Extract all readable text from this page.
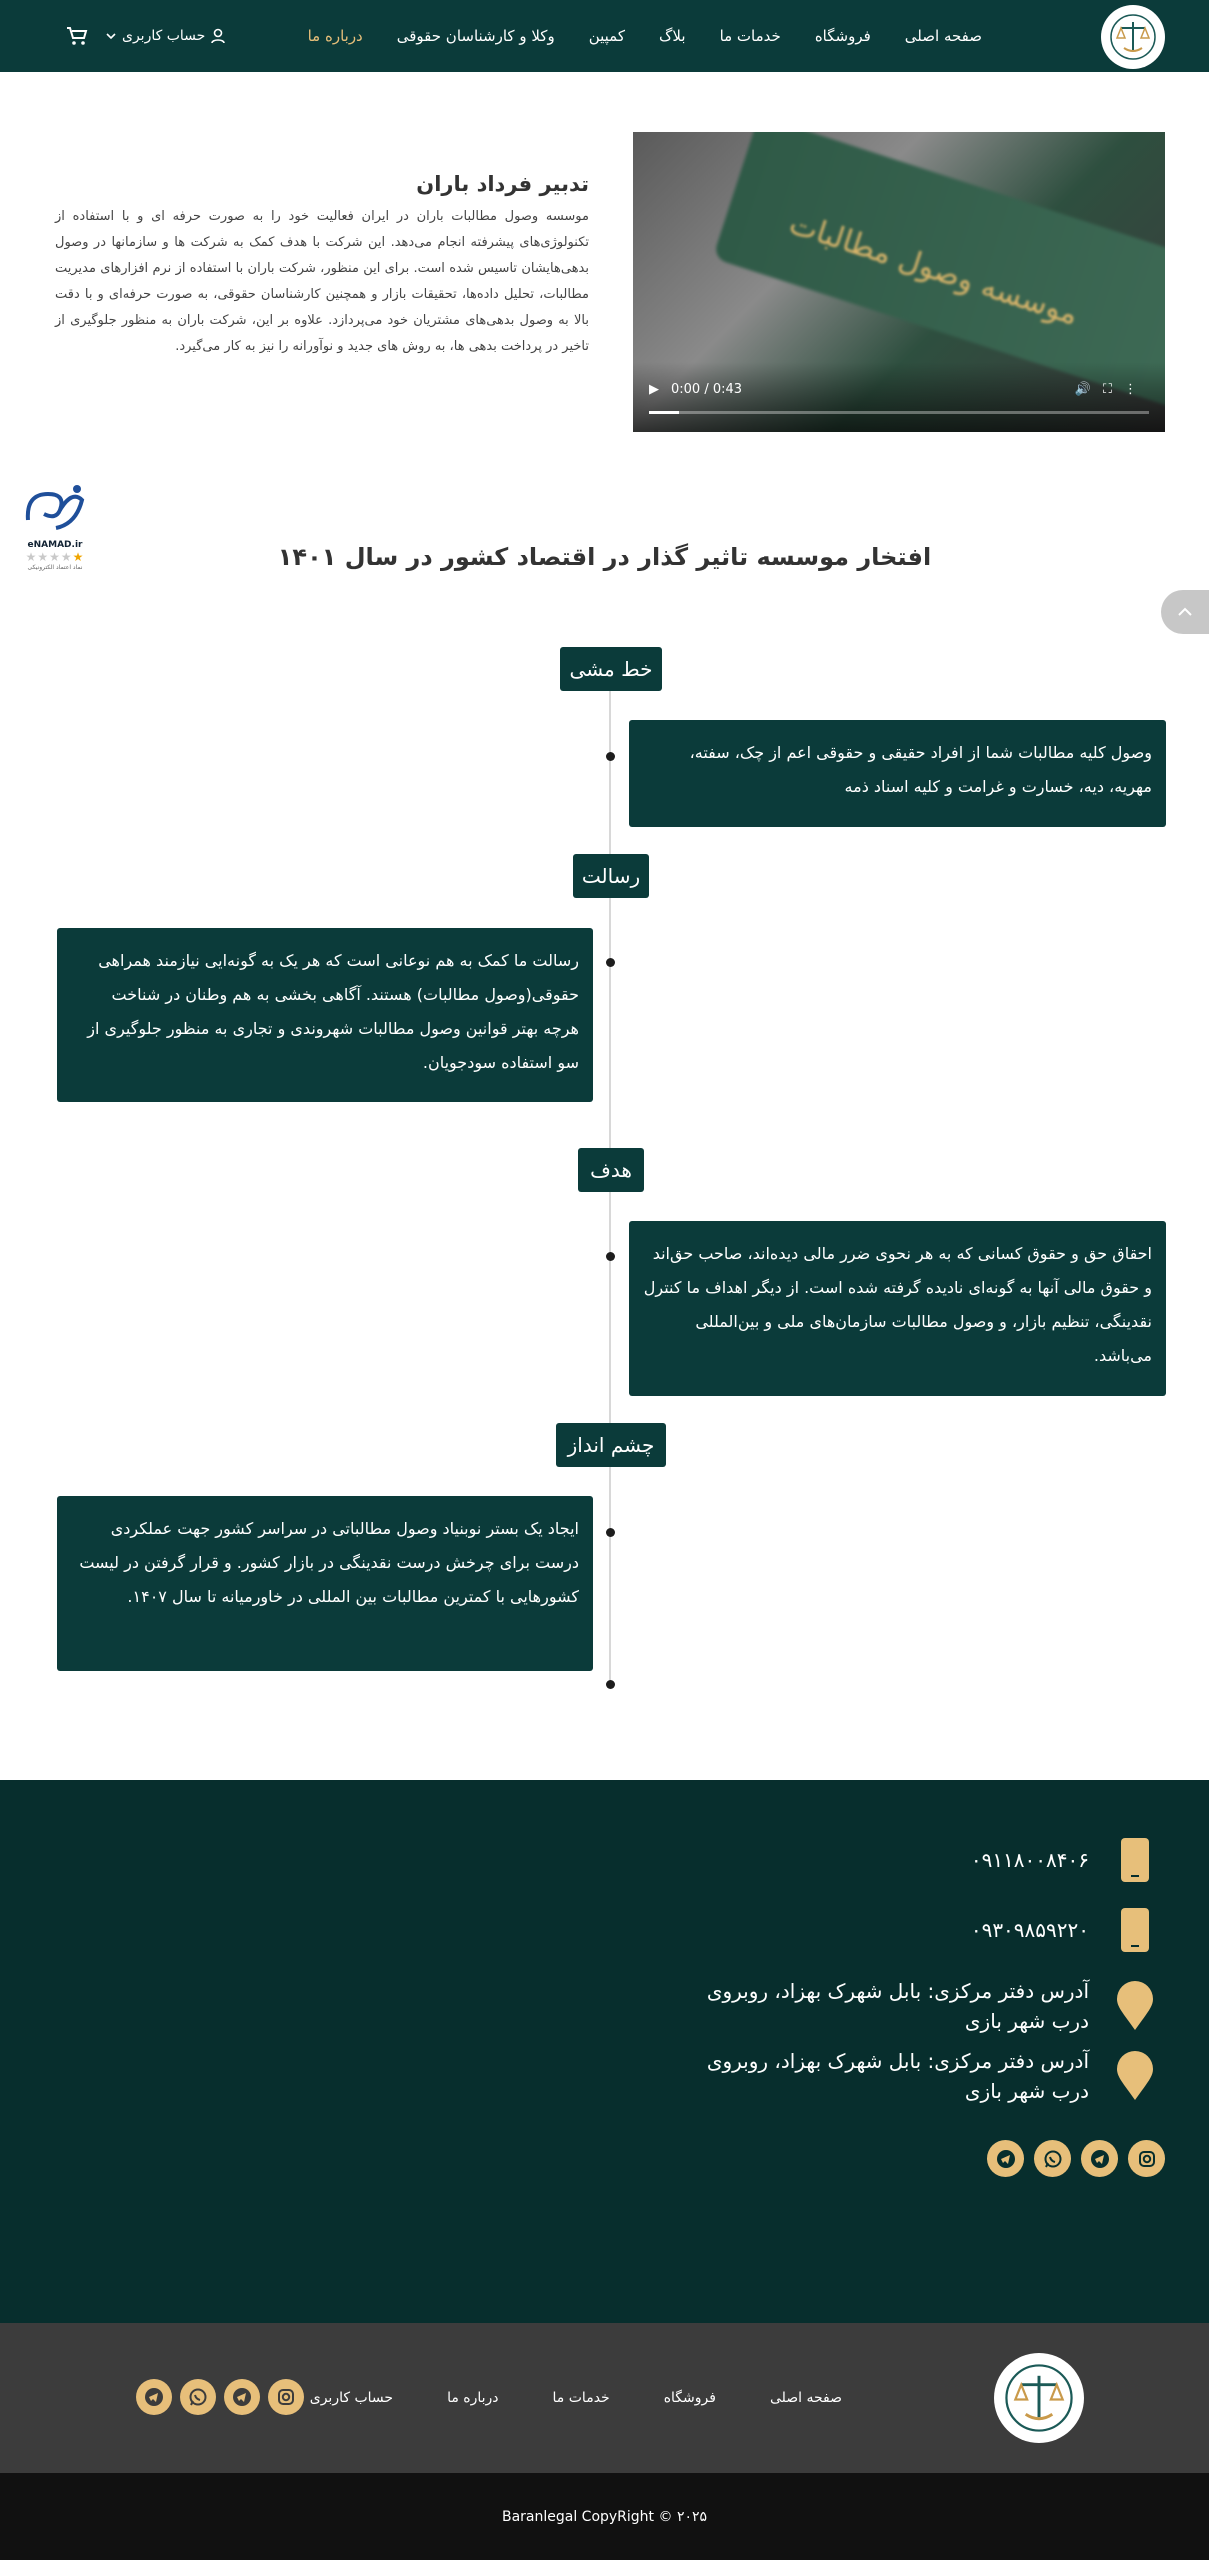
صفحه اصلی
فروشگاه
خدمات ما
بلاگ
کمپین
وکلا و کارشناسان حقوقی
درباره ما
حساب کاربری
موسسه وصول مطالبات
▶ 0:00 / 0:43	🔊 ⛶ ⋮
تدبیر فرداد باران

موسسه وصول مطالبات باران در ایران فعالیت خود را به صورت حرفه ای و با استفاده از تکنولوژی‌های پیشرفته انجام می‌دهد. این شرکت با هدف کمک به شرکت ها و سازمانها در وصول بدهی‌هایشان تاسیس شده است. برای این منظور، شرکت باران با استفاده از نرم افزارهای مدیریت مطالبات، تحلیل داده‌ها، تحقیقات بازار و همچنین کارشناسان حقوقی، به صورت حرفه‌ای و با دقت بالا به وصول بدهی‌های مشتریان خود می‌پردازد. علاوه بر این، شرکت باران به منظور جلوگیری از تاخیر در پرداخت بدهی ها، به روش های جدید و نوآورانه را نیز به کار می‌گیرد.

eNAMAD.ir
★★★★★
نماد اعتماد الکترونیکی	افتخار موسسه تاثیر گذار در اقتصاد کشور در سال ۱۴۰۱
خط مشی
وصول کلیه مطالبات شما از افراد حقیقی و حقوقی اعم از چک، سفته، مهریه، دیه، خسارت و غرامت و کلیه اسناد ذمه
رسالت
رسالت ما کمک به هم نوعانی است که هر یک به گونه‌ایی نیازمند همراهی حقوقی(وصول مطالبات) هستند. آگاهی بخشی به هم وطنان در شناخت هرچه بهتر قوانین وصول مطالبات شهروندی و تجاری به منظور جلوگیری از سو استفاده سودجویان.
هدف
احقاق حق و حقوق کسانی که به هر نحوی ضرر مالی دیده‌اند، صاحب حق‌اند و حقوق مالی آنها به گونه‌ای نادیده گرفته شده است. از دیگر اهداف ما کنترل نقدینگی، تنظیم بازار، و وصول مطالبات سازمان‌های ملی و بین‌المللی می‌باشد.
چشم انداز
ایجاد یک بستر نوبنیاد وصول مطالباتی در سراسر کشور جهت عملکردی درست برای چرخش درست نقدینگی در بازار کشور. و قرار گرفتن در لیست کشورهایی با کمترین مطالبات بین المللی در خاورمیانه تا سال ۱۴۰۷.
۰۹۱۱۸۰۰۸۴۰۶
۰۹۳۰۹۸۵۹۲۲۰
آدرس دفتر مرکزی: بابل شهرک بهزاد، روبروی درب شهر بازی
آدرس دفتر مرکزی: بابل شهرک بهزاد، روبروی درب شهر بازی
صفحه اصلی
فروشگاه
خدمات ما
درباره ما
حساب کاربری
Baranlegal CopyRight © ۲۰۲۵
